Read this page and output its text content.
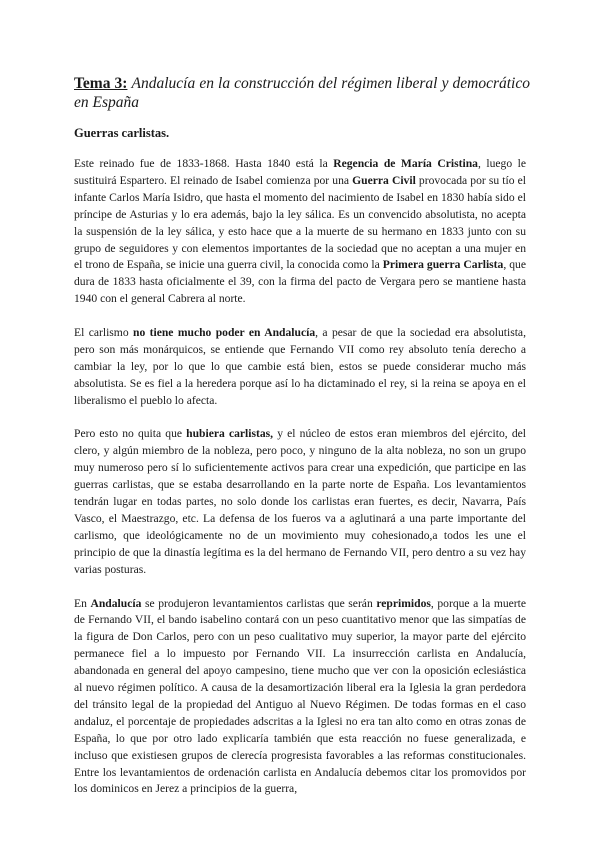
Tema 3: Andalucía en la construcción del régimen liberal y democrático en España
Guerras carlistas.

Este reinado fue de 1833-1868. Hasta 1840 está la Regencia de María Cristina, luego le sustituirá Espartero. El reinado de Isabel comienza por una Guerra Civil provocada por su tío el infante Carlos María Isidro, que hasta el momento del nacimiento de Isabel en 1830 había sido el príncipe de Asturias y lo era además, bajo la ley sálica. Es un convencido absolutista, no acepta la suspensión de la ley sálica, y esto hace que a la muerte de su hermano en 1833 junto con su grupo de seguidores y con elementos importantes de la sociedad que no aceptan a una mujer en el trono de España, se inicie una guerra civil, la conocida como la Primera guerra Carlista, que dura de 1833 hasta oficialmente el 39, con la firma del pacto de Vergara pero se mantiene hasta 1940 con el general Cabrera al norte.

El carlismo no tiene mucho poder en Andalucía, a pesar de que la sociedad era absolutista, pero son más monárquicos, se entiende que Fernando VII como rey absoluto tenía derecho a cambiar la ley, por lo que lo que cambie está bien, estos se puede considerar mucho más absolutista. Se es fiel a la heredera porque así lo ha dictaminado el rey, si la reina se apoya en el liberalismo el pueblo lo afecta.

Pero esto no quita que hubiera carlistas, y el núcleo de estos eran miembros del ejército, del clero, y algún miembro de la nobleza, pero poco, y ninguno de la alta nobleza, no son un grupo muy numeroso pero sí lo suficientemente activos para crear una expedición, que participe en las guerras carlistas, que se estaba desarrollando en la parte norte de España. Los levantamientos tendrán lugar en todas partes, no solo donde los carlistas eran fuertes, es decir, Navarra, País Vasco, el Maestrazgo, etc. La defensa de los fueros va a aglutinará a una parte importante del carlismo, que ideológicamente no de un movimiento muy cohesionado,a todos les une el principio de que la dinastía legítima es la del hermano de Fernando VII, pero dentro a su vez hay varias posturas.

En Andalucía se produjeron levantamientos carlistas que serán reprimidos, porque a la muerte de Fernando VII, el bando isabelino contará con un peso cuantitativo menor que las simpatías de la figura de Don Carlos, pero con un peso cualitativo muy superior, la mayor parte del ejército permanece fiel a lo impuesto por Fernando VII. La insurrección carlista en Andalucía, abandonada en general del apoyo campesino, tiene mucho que ver con la oposición eclesiástica al nuevo régimen político. A causa de la desamortización liberal era la Iglesia la gran perdedora del tránsito legal de la propiedad del Antiguo al Nuevo Régimen. De todas formas en el caso andaluz, el porcentaje de propiedades adscritas a la Iglesi no era tan alto como en otras zonas de España, lo que por otro lado explicaría también que esta reacción no fuese generalizada, e incluso que existiesen grupos de clerecía progresista favorables a las reformas constitucionales. Entre los levantamientos de ordenación carlista en Andalucía debemos citar los promovidos por los dominicos en Jerez a principios de la guerra,
